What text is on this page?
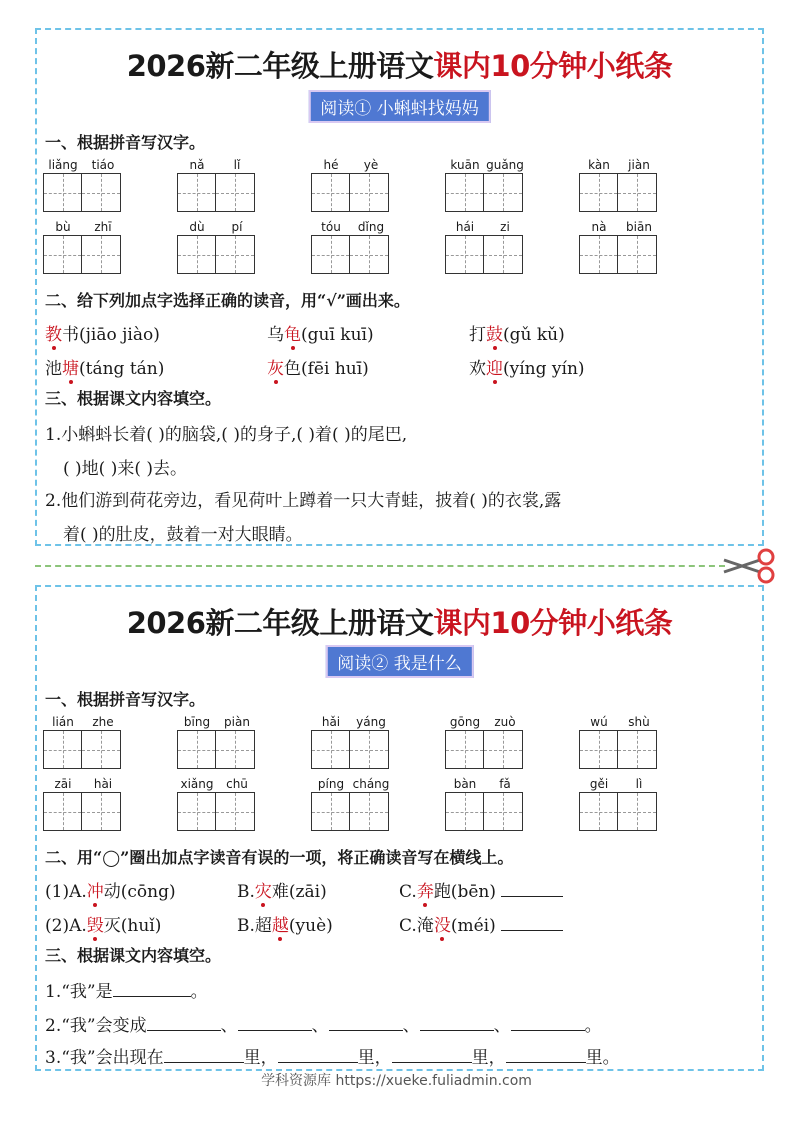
2026新二年级上册语文课内10分钟小纸条
阅读① 小蝌蚪找妈妈
一、根据拼音写汉字。
liǎng	tiáo	nǎ	lǐ	hé	yè	kuān guǎng	kàn	jiàn
bù	zhī	dù	pí	tóu	dǐng	hái	zi	nà	biān
二、给下列加点字选择正确的读音，用“√”画出来。
教书(jiāo jiào)	乌龟(guī kuī)	打鼓(gǔ kǔ)
池塘(táng tán)	灰色(fēi huī)	欢迎(yíng yín)
三、根据课文内容填空。
1.小蝌蚪长着( )的脑袋,( )的身子,( )着( )的尾巴,
( )地( )来( )去。
2.他们游到荷花旁边，看见荷叶上蹲着一只大青蛙，披着( )的衣裳,露
着( )的肚皮，鼓着一对大眼睛。
2026新二年级上册语文课内10分钟小纸条
阅读② 我是什么
一、根据拼音写汉字。
lián	zhe	bīng	piàn	hǎi	yáng	gōng	zuò	wú	shù
zāi	hài	xiǎng	chū	píng cháng	bàn	fǎ	gěi	lì
二、用“◯”圈出加点字读音有误的一项，将正确读音写在横线上。
(1)A.冲动(cōng)	B.灾难(zāi)	C.奔跑(bēn)
(2)A.毁灭(huǐ)	B.超越(yuè)	C.淹没(méi)
三、根据课文内容填空。
1.“我”是	。
2.“我”会变成	、	、	、	、	。
3.“我”会出现在	里，	里，	里，	里。
学科资源库 https://xueke.fuliadmin.com
